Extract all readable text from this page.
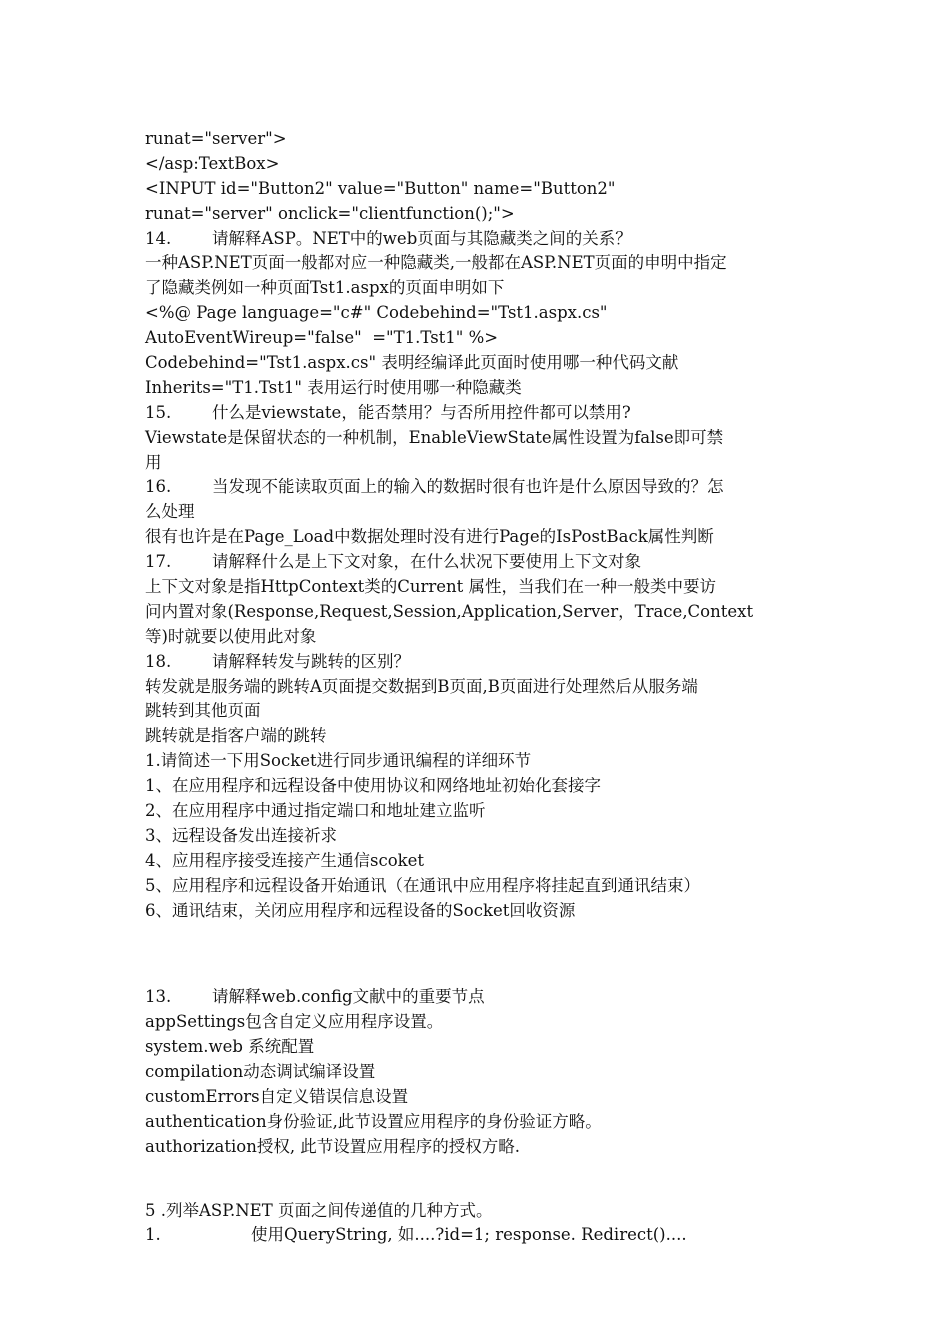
runat="server">
</asp:TextBox>
<INPUT id="Button2" value="Button" name="Button2"
runat="server" onclick="clientfunction();">
14. 请解释ASP。NET中的web页面与其隐藏类之间的关系？
一种ASP.NET页面一般都对应一种隐藏类,一般都在ASP.NET页面的申明中指定
了隐藏类例如一种页面Tst1.aspx的页面申明如下
<%@ Page language="c#" Codebehind="Tst1.aspx.cs"
AutoEventWireup="false"  ="T1.Tst1" %>
Codebehind="Tst1.aspx.cs" 表明经编译此页面时使用哪一种代码文献
Inherits="T1.Tst1" 表用运行时使用哪一种隐藏类
15. 什么是viewstate，能否禁用？与否所用控件都可以禁用?
Viewstate是保留状态的一种机制，EnableViewState属性设置为false即可禁
用
16. 当发现不能读取页面上的输入的数据时很有也许是什么原因导致的？怎
么处理
很有也许是在Page_Load中数据处理时没有进行Page的IsPostBack属性判断
17. 请解释什么是上下文对象，在什么状况下要使用上下文对象
上下文对象是指HttpContext类的Current 属性，当我们在一种一般类中要访
问内置对象(Response,Request,Session,Application,Server，Trace,Context
等)时就要以使用此对象
18. 请解释转发与跳转的区别？
转发就是服务端的跳转A页面提交数据到B页面,B页面进行处理然后从服务端
跳转到其他页面
跳转就是指客户端的跳转
1.请简述一下用Socket进行同步通讯编程的详细环节
1、在应用程序和远程设备中使用协议和网络地址初始化套接字
2、在应用程序中通过指定端口和地址建立监听
3、远程设备发出连接祈求
4、应用程序接受连接产生通信scoket
5、应用程序和远程设备开始通讯（在通讯中应用程序将挂起直到通讯结束）
6、通讯结束，关闭应用程序和远程设备的Socket回收资源
13. 请解释web.config文献中的重要节点
appSettings包含自定义应用程序设置。
system.web 系统配置
compilation动态调试编译设置
customErrors自定义错误信息设置
authentication身份验证,此节设置应用程序的身份验证方略。
authorization授权, 此节设置应用程序的授权方略.
5 .列举ASP.NET 页面之间传递值的几种方式。
1.	使用QueryString, 如....?id=1; response. Redirect()....
